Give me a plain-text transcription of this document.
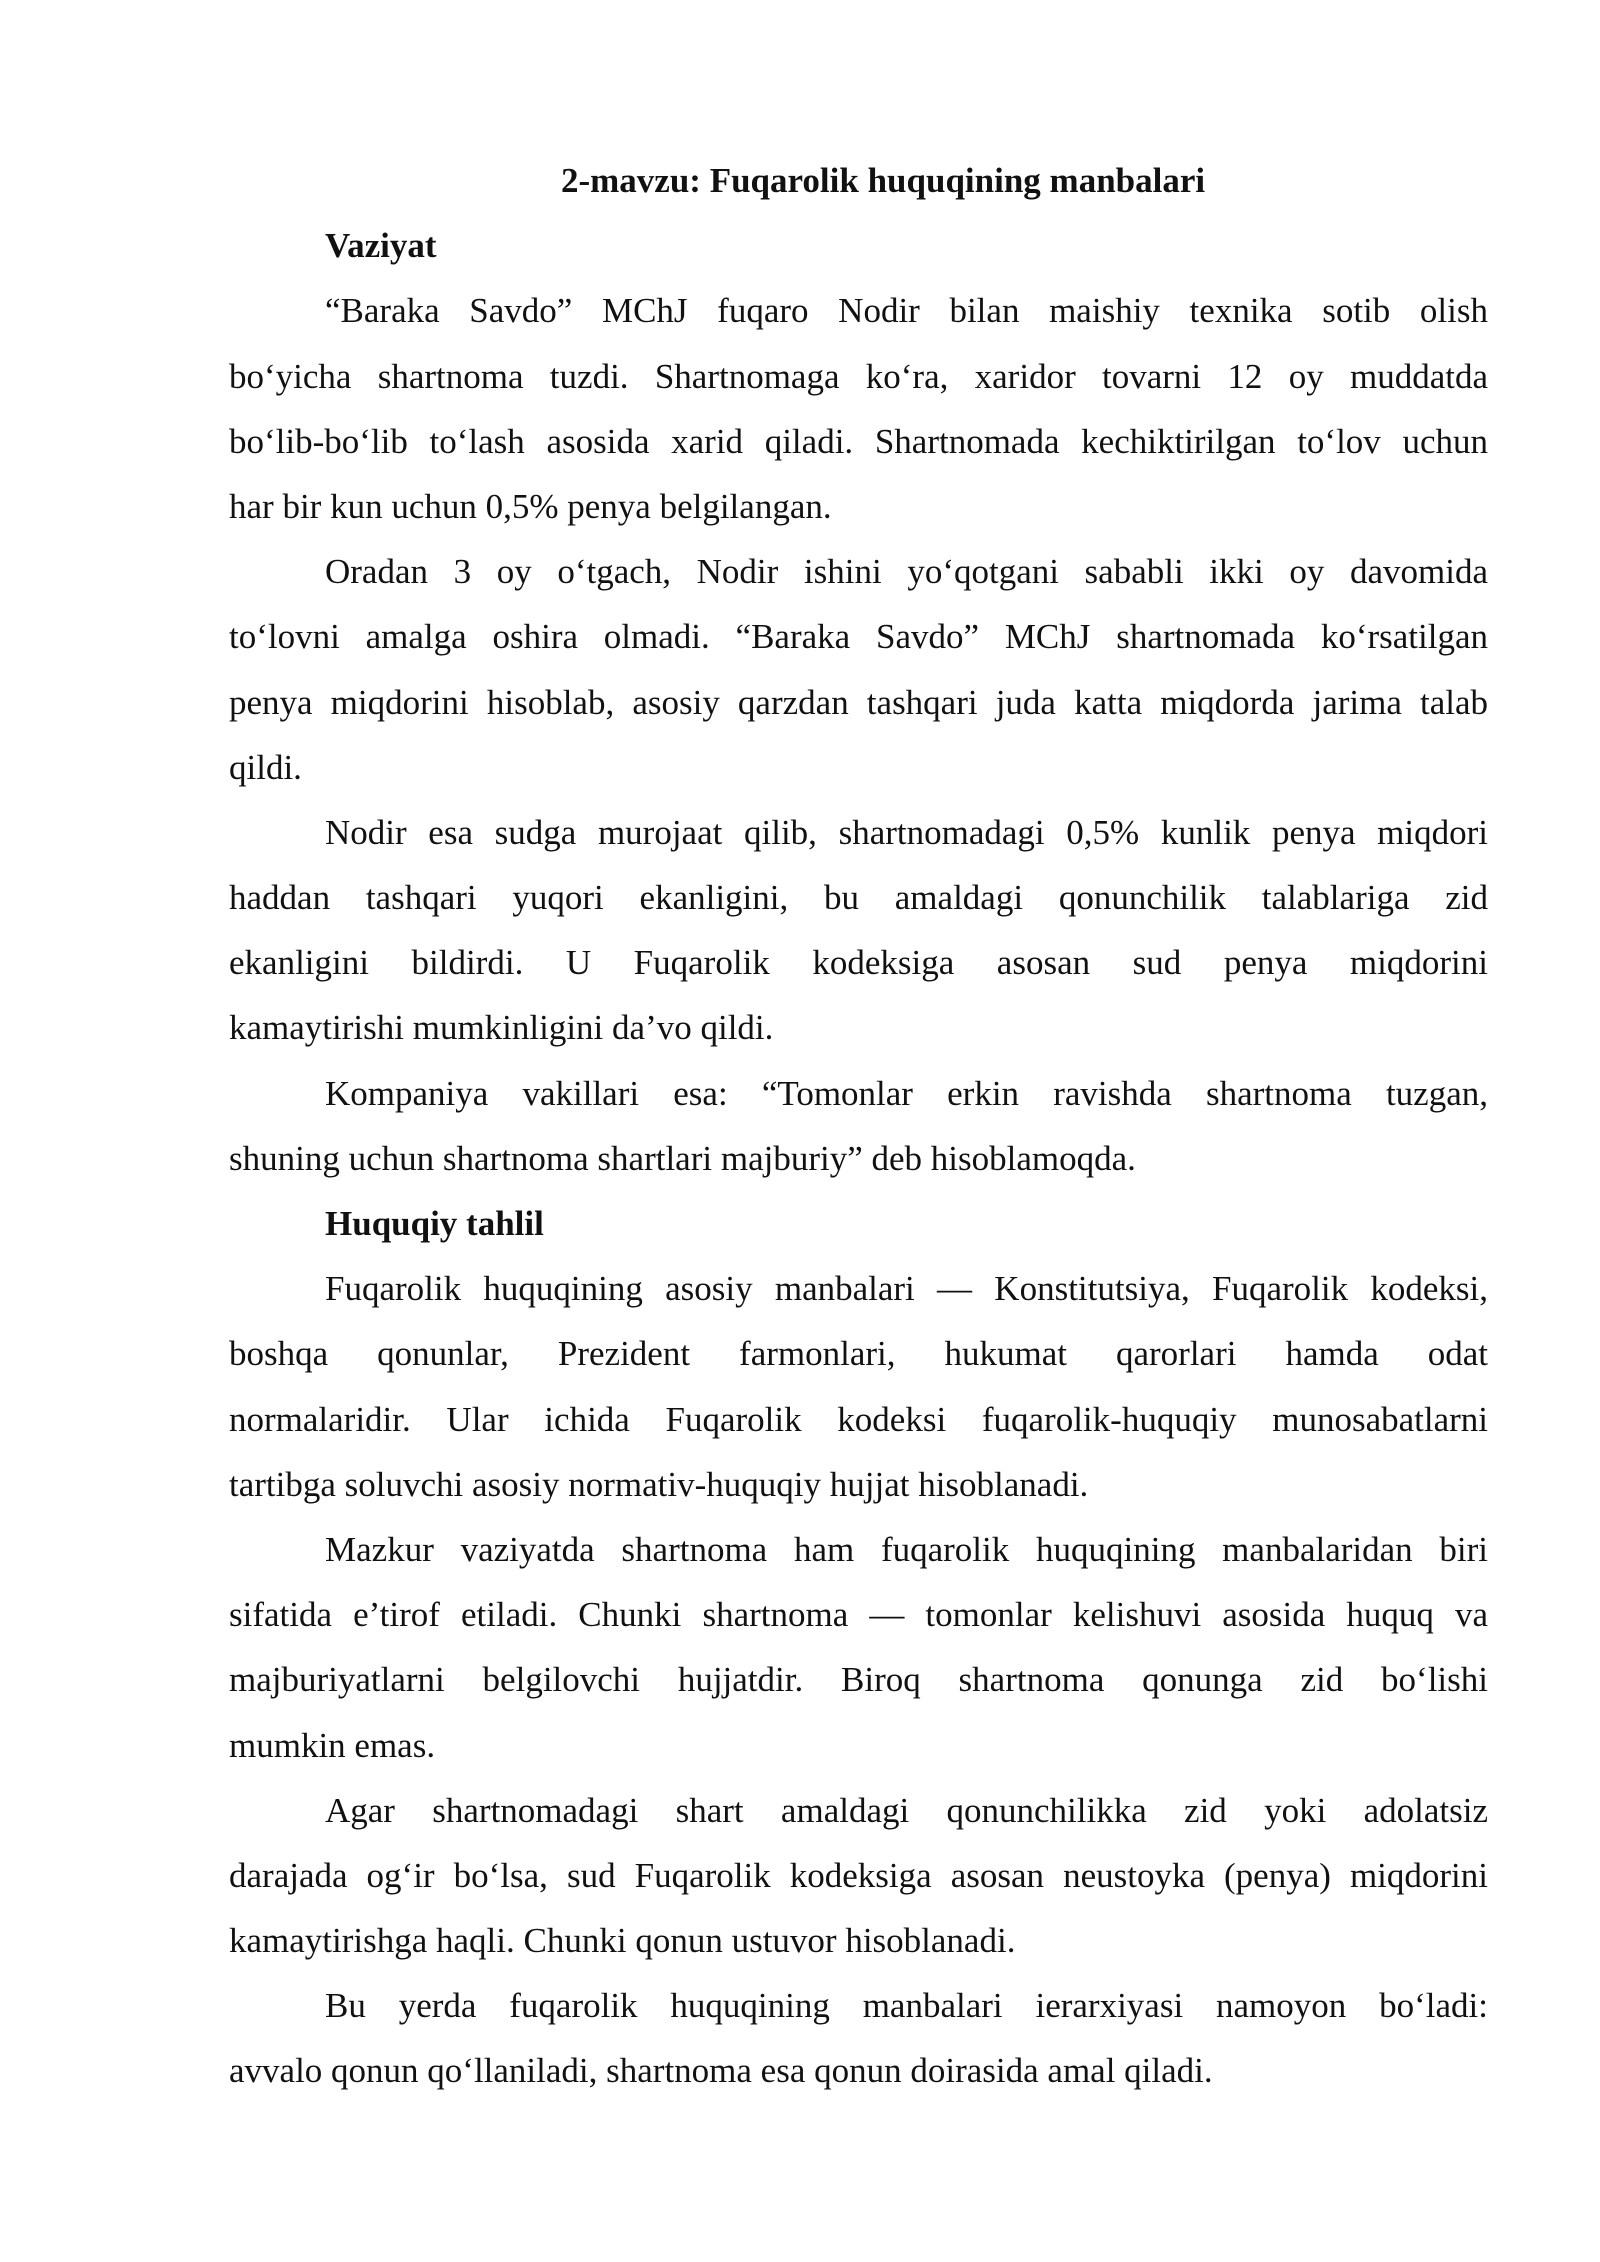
2-mavzu: Fuqarolik huquqining manbalari
Vaziyat
“Baraka Savdo” MChJ fuqaro Nodir bilan maishiy texnika sotib olish
bo‘yicha shartnoma tuzdi. Shartnomaga ko‘ra, xaridor tovarni 12 oy muddatda
bo‘lib-bo‘lib to‘lash asosida xarid qiladi. Shartnomada kechiktirilgan to‘lov uchun
har bir kun uchun 0,5% penya belgilangan.
Oradan 3 oy o‘tgach, Nodir ishini yo‘qotgani sababli ikki oy davomida
to‘lovni amalga oshira olmadi. “Baraka Savdo” MChJ shartnomada ko‘rsatilgan
penya miqdorini hisoblab, asosiy qarzdan tashqari juda katta miqdorda jarima talab
qildi.
Nodir esa sudga murojaat qilib, shartnomadagi 0,5% kunlik penya miqdori
haddan tashqari yuqori ekanligini, bu amaldagi qonunchilik talablariga zid
ekanligini bildirdi. U Fuqarolik kodeksiga asosan sud penya miqdorini
kamaytirishi mumkinligini da’vo qildi.
Kompaniya vakillari esa: “Tomonlar erkin ravishda shartnoma tuzgan,
shuning uchun shartnoma shartlari majburiy” deb hisoblamoqda.
Huquqiy tahlil
Fuqarolik huquqining asosiy manbalari — Konstitutsiya, Fuqarolik kodeksi,
boshqa qonunlar, Prezident farmonlari, hukumat qarorlari hamda odat
normalaridir. Ular ichida Fuqarolik kodeksi fuqarolik-huquqiy munosabatlarni
tartibga soluvchi asosiy normativ-huquqiy hujjat hisoblanadi.
Mazkur vaziyatda shartnoma ham fuqarolik huquqining manbalaridan biri
sifatida e’tirof etiladi. Chunki shartnoma — tomonlar kelishuvi asosida huquq va
majburiyatlarni belgilovchi hujjatdir. Biroq shartnoma qonunga zid bo‘lishi
mumkin emas.
Agar shartnomadagi shart amaldagi qonunchilikka zid yoki adolatsiz
darajada og‘ir bo‘lsa, sud Fuqarolik kodeksiga asosan neustoyka (penya) miqdorini
kamaytirishga haqli. Chunki qonun ustuvor hisoblanadi.
Bu yerda fuqarolik huquqining manbalari ierarxiyasi namoyon bo‘ladi:
avvalo qonun qo‘llaniladi, shartnoma esa qonun doirasida amal qiladi.
